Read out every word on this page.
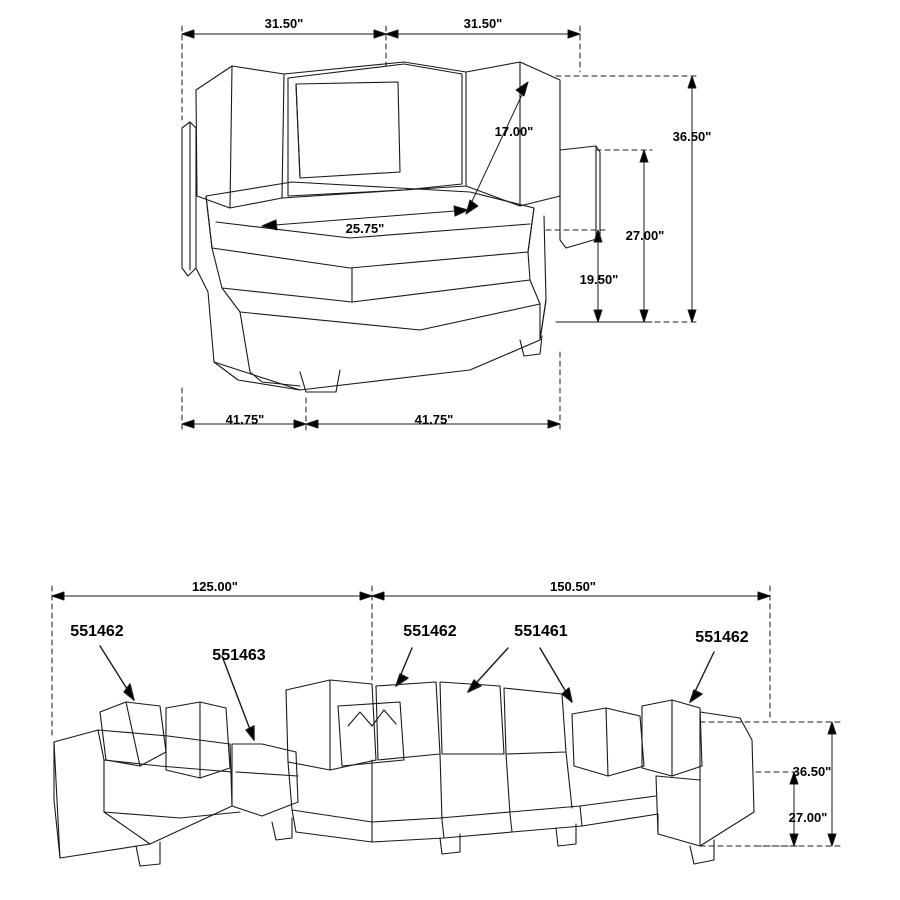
31.50"	31.50"
17.00"
25.75"
36.50"
27.00"
19.50"
41.75"	41.75"
125.00"	150.50"
36.50"
27.00"
551462
551463
551462	551461	551462
